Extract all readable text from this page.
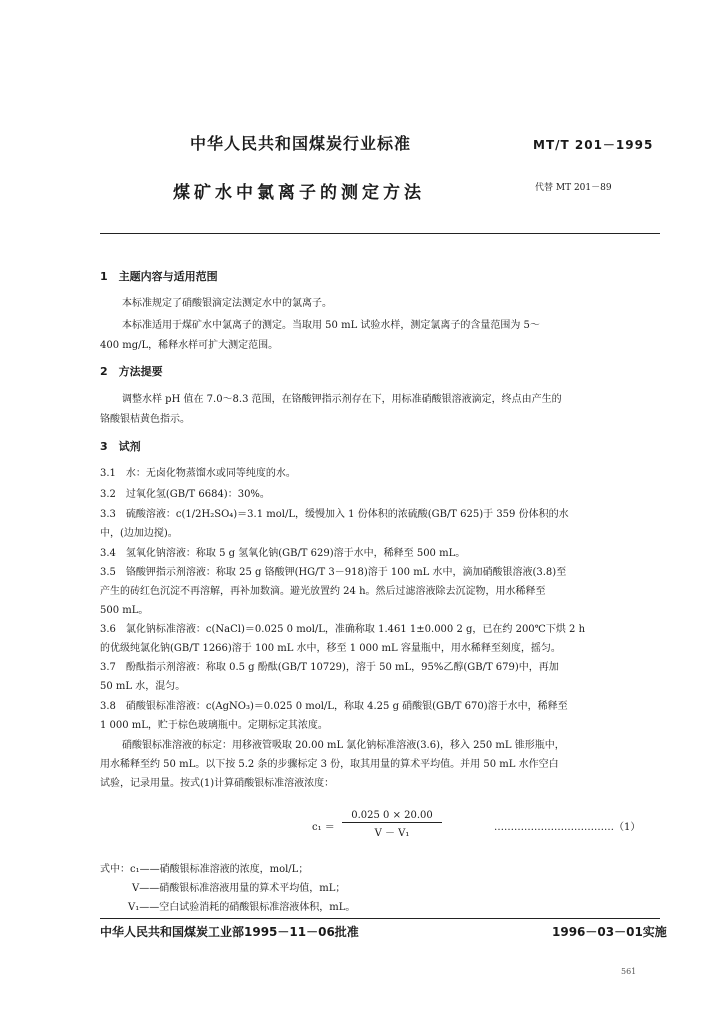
中华人民共和国煤炭行业标准	MT/T 201－1995
煤矿水中氯离子的测定方法	代替 MT 201－89
1　主题内容与适用范围
本标准规定了硝酸银滴定法测定水中的氯离子。
本标准适用于煤矿水中氯离子的测定。当取用 50 mL 试验水样，测定氯离子的含量范围为 5～
400 mg/L，稀释水样可扩大测定范围。
2　方法提要
调整水样 pH 值在 7.0～8.3 范围，在铬酸钾指示剂存在下，用标准硝酸银溶液滴定，终点由产生的
铬酸银桔黄色指示。
3　试剂
3.1　水：无卤化物蒸馏水或同等纯度的水。
3.2　过氧化氢(GB/T 6684)：30%。
3.3　硫酸溶液：c(1/2H₂SO₄)＝3.1 mol/L，缓慢加入 1 份体积的浓硫酸(GB/T 625)于 359 份体积的水
中，(边加边搅)。
3.4　氢氧化钠溶液：称取 5 g 氢氧化钠(GB/T 629)溶于水中，稀释至 500 mL。
3.5　铬酸钾指示剂溶液：称取 25 g 铬酸钾(HG/T 3－918)溶于 100 mL 水中，滴加硝酸银溶液(3.8)至
产生的砖红色沉淀不再溶解，再补加数滴。避光放置约 24 h。然后过滤溶液除去沉淀物，用水稀释至
500 mL。
3.6　氯化钠标准溶液：c(NaCl)＝0.025 0 mol/L，准确称取 1.461 1±0.000 2 g，已在约 200℃下烘 2 h
的优级纯氯化钠(GB/T 1266)溶于 100 mL 水中，移至 1 000 mL 容量瓶中，用水稀释至刻度，摇匀。
3.7　酚酞指示剂溶液：称取 0.5 g 酚酞(GB/T 10729)，溶于 50 mL，95%乙醇(GB/T 679)中，再加
50 mL 水，混匀。
3.8　硝酸银标准溶液：c(AgNO₃)＝0.025 0 mol/L，称取 4.25 g 硝酸银(GB/T 670)溶于水中，稀释至
1 000 mL，贮于棕色玻璃瓶中。定期标定其浓度。
硝酸银标准溶液的标定：用移液管吸取 20.00 mL 氯化钠标准溶液(3.6)，移入 250 mL 锥形瓶中，
用水稀释至约 50 mL。以下按 5.2 条的步骤标定 3 份，取其用量的算术平均值。并用 50 mL 水作空白
试验，记录用量。按式(1)计算硝酸银标准溶液浓度：
$c_1 = \frac{0.025 0 \times 20.00}{\text{V － V₁}}$	………………………………（1）
式中：c₁——硝酸银标准溶液的浓度，mol/L；
V——硝酸银标准溶液用量的算术平均值，mL；
V₁——空白试验消耗的硝酸银标准溶液体积，mL。
中华人民共和国煤炭工业部1995－11－06批准	1996－03－01实施
561
